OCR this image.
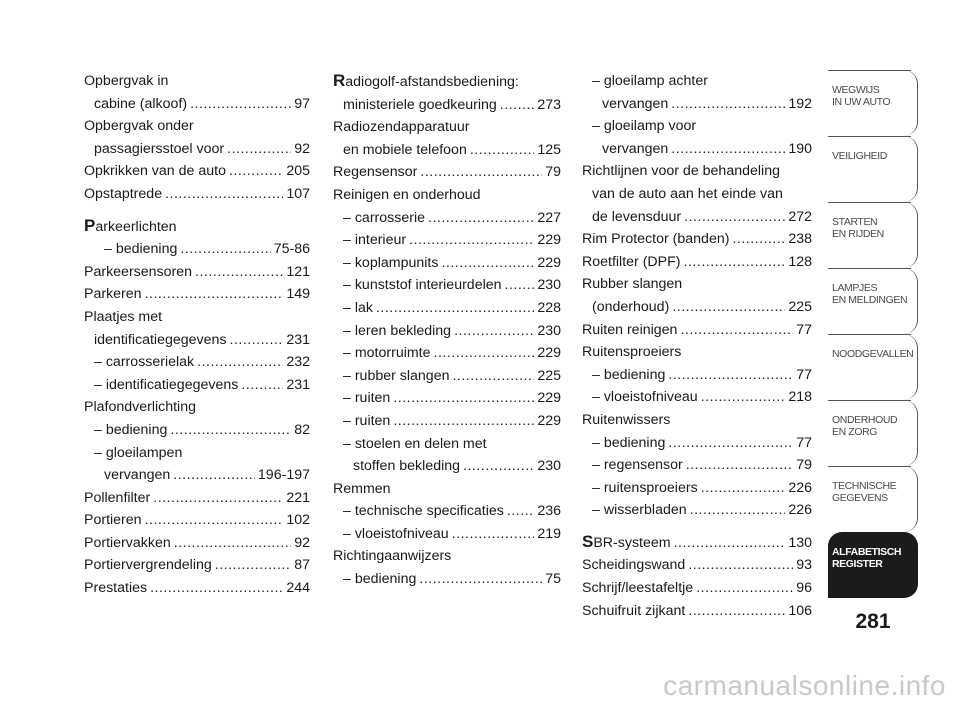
Opbergvak in
cabine (alkoof) .....	97
Opbergvak onder
passagiersstoel voor .....	92
Opkrikken van de auto .....	205
Opstaptrede .....	107
Parkeerlichten
– bediening .....	75-86
Parkeersensoren .....	121
Parkeren .....	149
Plaatjes met
identificatiegegevens .....	231
– carrosserielak .....	232
– identificatiegegevens .....	231
Plafondverlichting
– bediening .....	82
– gloeilampen
vervangen .....	196-197
Pollenfilter .....	221
Portieren .....	102
Portiervakken .....	92
Portiervergrendeling .....	87
Prestaties .....	244
Radiogolf-afstandsbediening:
ministeriele goedkeuring .....	273
Radiozendapparatuur
en mobiele telefoon .....	125
Regensensor .....	79
Reinigen en onderhoud
– carrosserie .....	227
– interieur .....	229
– koplampunits .....	229
– kunststof interieurdelen .....	230
– lak .....	228
– leren bekleding .....	230
– motorruimte .....	229
– rubber slangen .....	225
– ruiten .....	229
– ruiten .....	229
– stoelen en delen met
stoffen bekleding .....	230
Remmen
– technische specificaties ..... 236
– vloeistofniveau .....	219
Richtingaanwijzers
– bediening .....	75
– gloeilamp achter
vervangen .....	192
– gloeilamp voor
vervangen .....	190
Richtlijnen voor de behandeling
van de auto aan het einde van
de levensduur .....	272
Rim Protector (banden) .....	238
Roetfilter (DPF) .....	128
Rubber slangen
(onderhoud) .....	225
Ruiten reinigen .....	77
Ruitensproeiers
– bediening .....	77
– vloeistofniveau .....	218
Ruitenwissers
– bediening .....	77
– regensensor .....	79
– ruitensproeiers .....	226
– wisserbladen .....	226
SBR-systeem .....	130
Scheidingswand .....	93
Schrijf/leestafeltje .....	96
Schuifruit zijkant .....	106
WEGWIJS
IN UW AUTO
VEILIGHEID
STARTEN
EN RIJDEN
LAMPJES
EN MELDINGEN
NOODGEVALLEN
ONDERHOUD
EN ZORG
TECHNISCHE
GEGEVENS
ALFABETISCH
REGISTER
281
carmanualsonline.info
